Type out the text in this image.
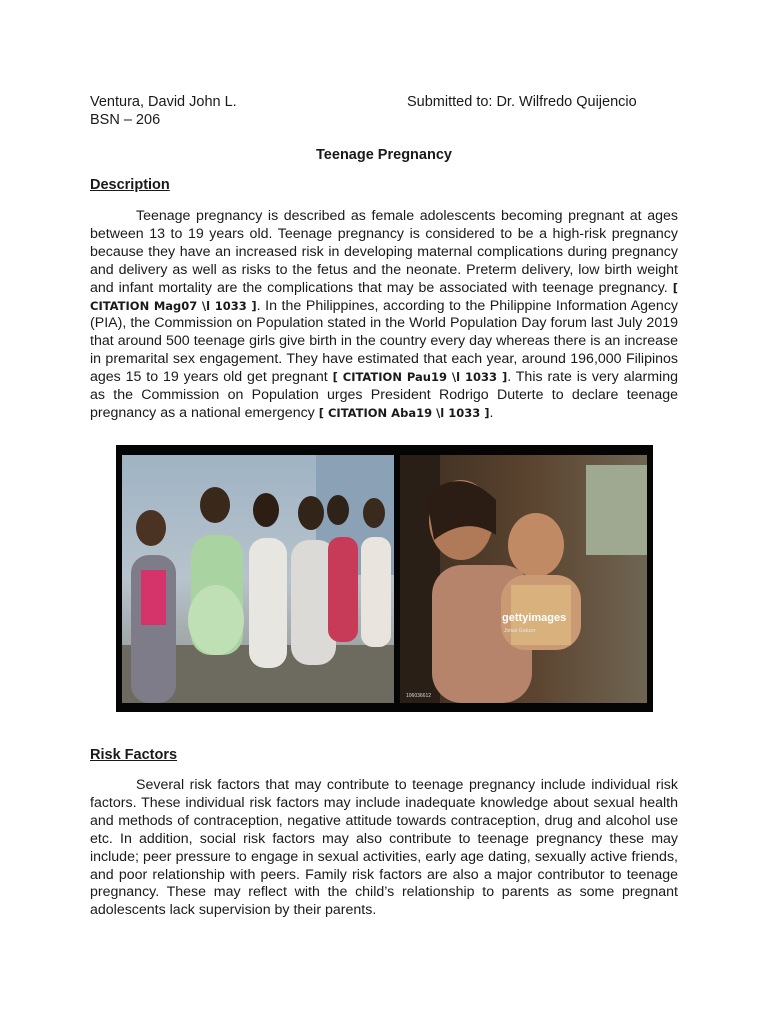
Ventura, David John L.
BSN – 206
Submitted to: Dr. Wilfredo Quijencio
Teenage Pregnancy
Description

Teenage pregnancy is described as female adolescents becoming pregnant at ages between 13 to 19 years old. Teenage pregnancy is considered to be a high-risk pregnancy because they have an increased risk in developing maternal complications during pregnancy and delivery as well as risks to the fetus and the neonate. Preterm delivery, low birth weight and infant mortality are the complications that may be associated with teenage pregnancy. [ CITATION Mag07 \l 1033 ]. In the Philippines, according to the Philippine Information Agency (PIA), the Commission on Population stated in the World Population Day forum last July 2019 that around 500 teenage girls give birth in the country every day whereas there is an increase in premarital sex engagement. They have estimated that each year, around 196,000 Filipinos ages 15 to 19 years old get pregnant [ CITATION Pau19 \l 1033 ]. This rate is very alarming as the Commission on Population urges President Rodrigo Duterte to declare teenage pregnancy as a national emergency [ CITATION Aba19 \l 1033 ].

gettyimages
Jonas Gratzer
106036612
Risk Factors

Several risk factors that may contribute to teenage pregnancy include individual risk factors. These individual risk factors may include inadequate knowledge about sexual health and methods of contraception, negative attitude towards contraception, drug and alcohol use etc. In addition, social risk factors may also contribute to teenage pregnancy these may include; peer pressure to engage in sexual activities, early age dating, sexually active friends, and poor relationship with peers. Family risk factors are also a major contributor to teenage pregnancy. These may reflect with the child’s relationship to parents as some pregnant adolescents lack supervision by their parents.
